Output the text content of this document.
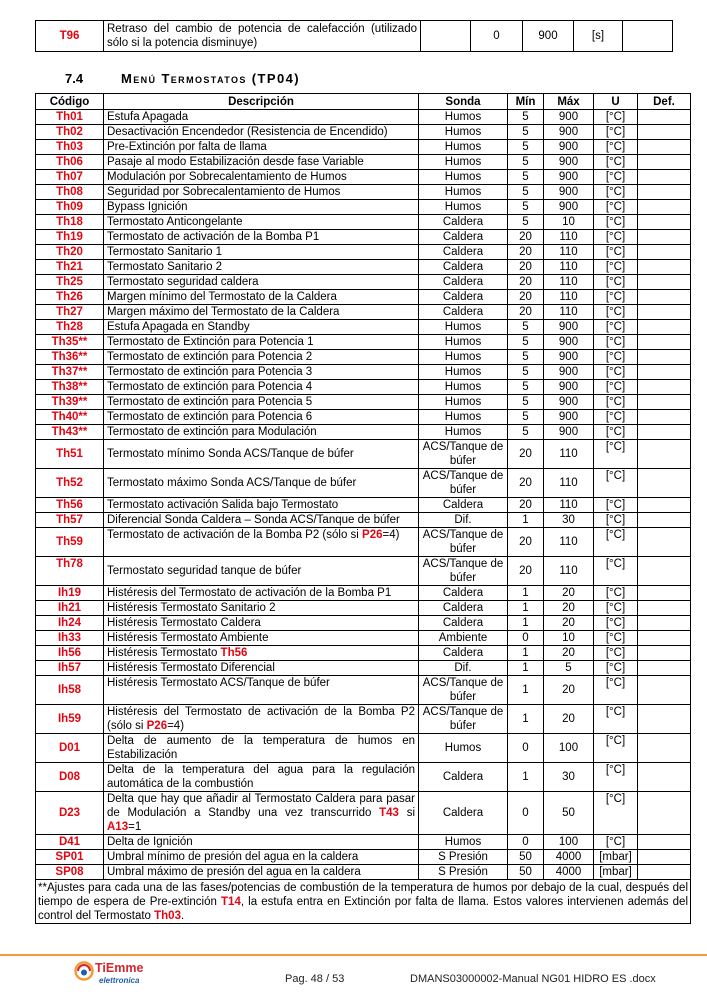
T96	Retraso del cambio de potencia de calefacción (utilizado sólo si la potencia disminuye)		0	900	[s]	
7.4	Menú Termostatos (TP04)
Código	Descripción	Sonda	Mín	Máx	U	Def.
Th01	Estufa Apagada	Humos	5	900	[°C]	
Th02	Desactivación Encendedor (Resistencia de Encendido)	Humos	5	900	[°C]	
Th03	Pre-Extinción por falta de llama	Humos	5	900	[°C]	
Th06	Pasaje al modo Estabilización desde fase Variable	Humos	5	900	[°C]	
Th07	Modulación por Sobrecalentamiento de Humos	Humos	5	900	[°C]	
Th08	Seguridad por Sobrecalentamiento de Humos	Humos	5	900	[°C]	
Th09	Bypass Ignición	Humos	5	900	[°C]	
Th18	Termostato Anticongelante	Caldera	5	10	[°C]	
Th19	Termostato de activación de la Bomba P1	Caldera	20	110	[°C]	
Th20	Termostato Sanitario 1	Caldera	20	110	[°C]	
Th21	Termostato Sanitario 2	Caldera	20	110	[°C]	
Th25	Termostato seguridad caldera	Caldera	20	110	[°C]	
Th26	Margen mínimo del Termostato de la Caldera	Caldera	20	110	[°C]	
Th27	Margen máximo del Termostato de la Caldera	Caldera	20	110	[°C]	
Th28	Estufa Apagada en Standby	Humos	5	900	[°C]	
Th35**	Termostato de Extinción para Potencia 1	Humos	5	900	[°C]	
Th36**	Termostato de extinción para Potencia 2	Humos	5	900	[°C]	
Th37**	Termostato de extinción para Potencia 3	Humos	5	900	[°C]	
Th38**	Termostato de extinción para Potencia 4	Humos	5	900	[°C]	
Th39**	Termostato de extinción para Potencia 5	Humos	5	900	[°C]	
Th40**	Termostato de extinción para Potencia 6	Humos	5	900	[°C]	
Th43**	Termostato de extinción para Modulación	Humos	5	900	[°C]	
Th51	Termostato mínimo Sonda ACS/Tanque de búfer	ACS/Tanque de búfer	20	110	[°C]	
Th52	Termostato máximo Sonda ACS/Tanque de búfer	ACS/Tanque de búfer	20	110	[°C]	
Th56	Termostato activación Salida bajo Termostato	Caldera	20	110	[°C]	
Th57	Diferencial Sonda Caldera – Sonda ACS/Tanque de búfer	Dif.	1	30	[°C]	
Th59	Termostato de activación de la Bomba P2 (sólo si P26=4)	ACS/Tanque de búfer	20	110	[°C]	
Th78	Termostato seguridad tanque de búfer	ACS/Tanque de búfer	20	110	[°C]	
Ih19	Histéresis del Termostato de activación de la Bomba P1	Caldera	1	20	[°C]	
Ih21	Histéresis Termostato Sanitario 2	Caldera	1	20	[°C]	
Ih24	Histéresis Termostato Caldera	Caldera	1	20	[°C]	
Ih33	Histéresis Termostato Ambiente	Ambiente	0	10	[°C]	
Ih56	Histéresis Termostato Th56	Caldera	1	20	[°C]	
Ih57	Histéresis Termostato Diferencial	Dif.	1	5	[°C]	
Ih58	Histéresis Termostato ACS/Tanque de búfer	ACS/Tanque de búfer	1	20	[°C]	
Ih59	Histéresis del Termostato de activación de la Bomba P2 (sólo si P26=4)	ACS/Tanque de búfer	1	20	[°C]	
D01	Delta de aumento de la temperatura de humos en Estabilización	Humos	0	100	[°C]	
D08	Delta de la temperatura del agua para la regulación automática de la combustión	Caldera	1	30	[°C]	
D23	Delta que hay que añadir al Termostato Caldera para pasar de Modulación a Standby una vez transcurrido T43 si A13=1	Caldera	0	50	[°C]	
D41	Delta de Ignición	Humos	0	100	[°C]	
SP01	Umbral mínimo de presión del agua en la caldera	S Presión	50	4000	[mbar]	
SP08	Umbral máximo de presión del agua en la caldera	S Presión	50	4000	[mbar]	
**Ajustes para cada una de las fases/potencias de combustión de la temperatura de humos por debajo de la cual, después del tiempo de espera de Pre-extinción T14, la estufa entra en Extinción por falta de llama. Estos valores intervienen además del control del Termostato Th03.						
TiEmme
elettronica	Pag. 48 / 53	DMANS03000002-Manual NG01 HIDRO ES .docx
